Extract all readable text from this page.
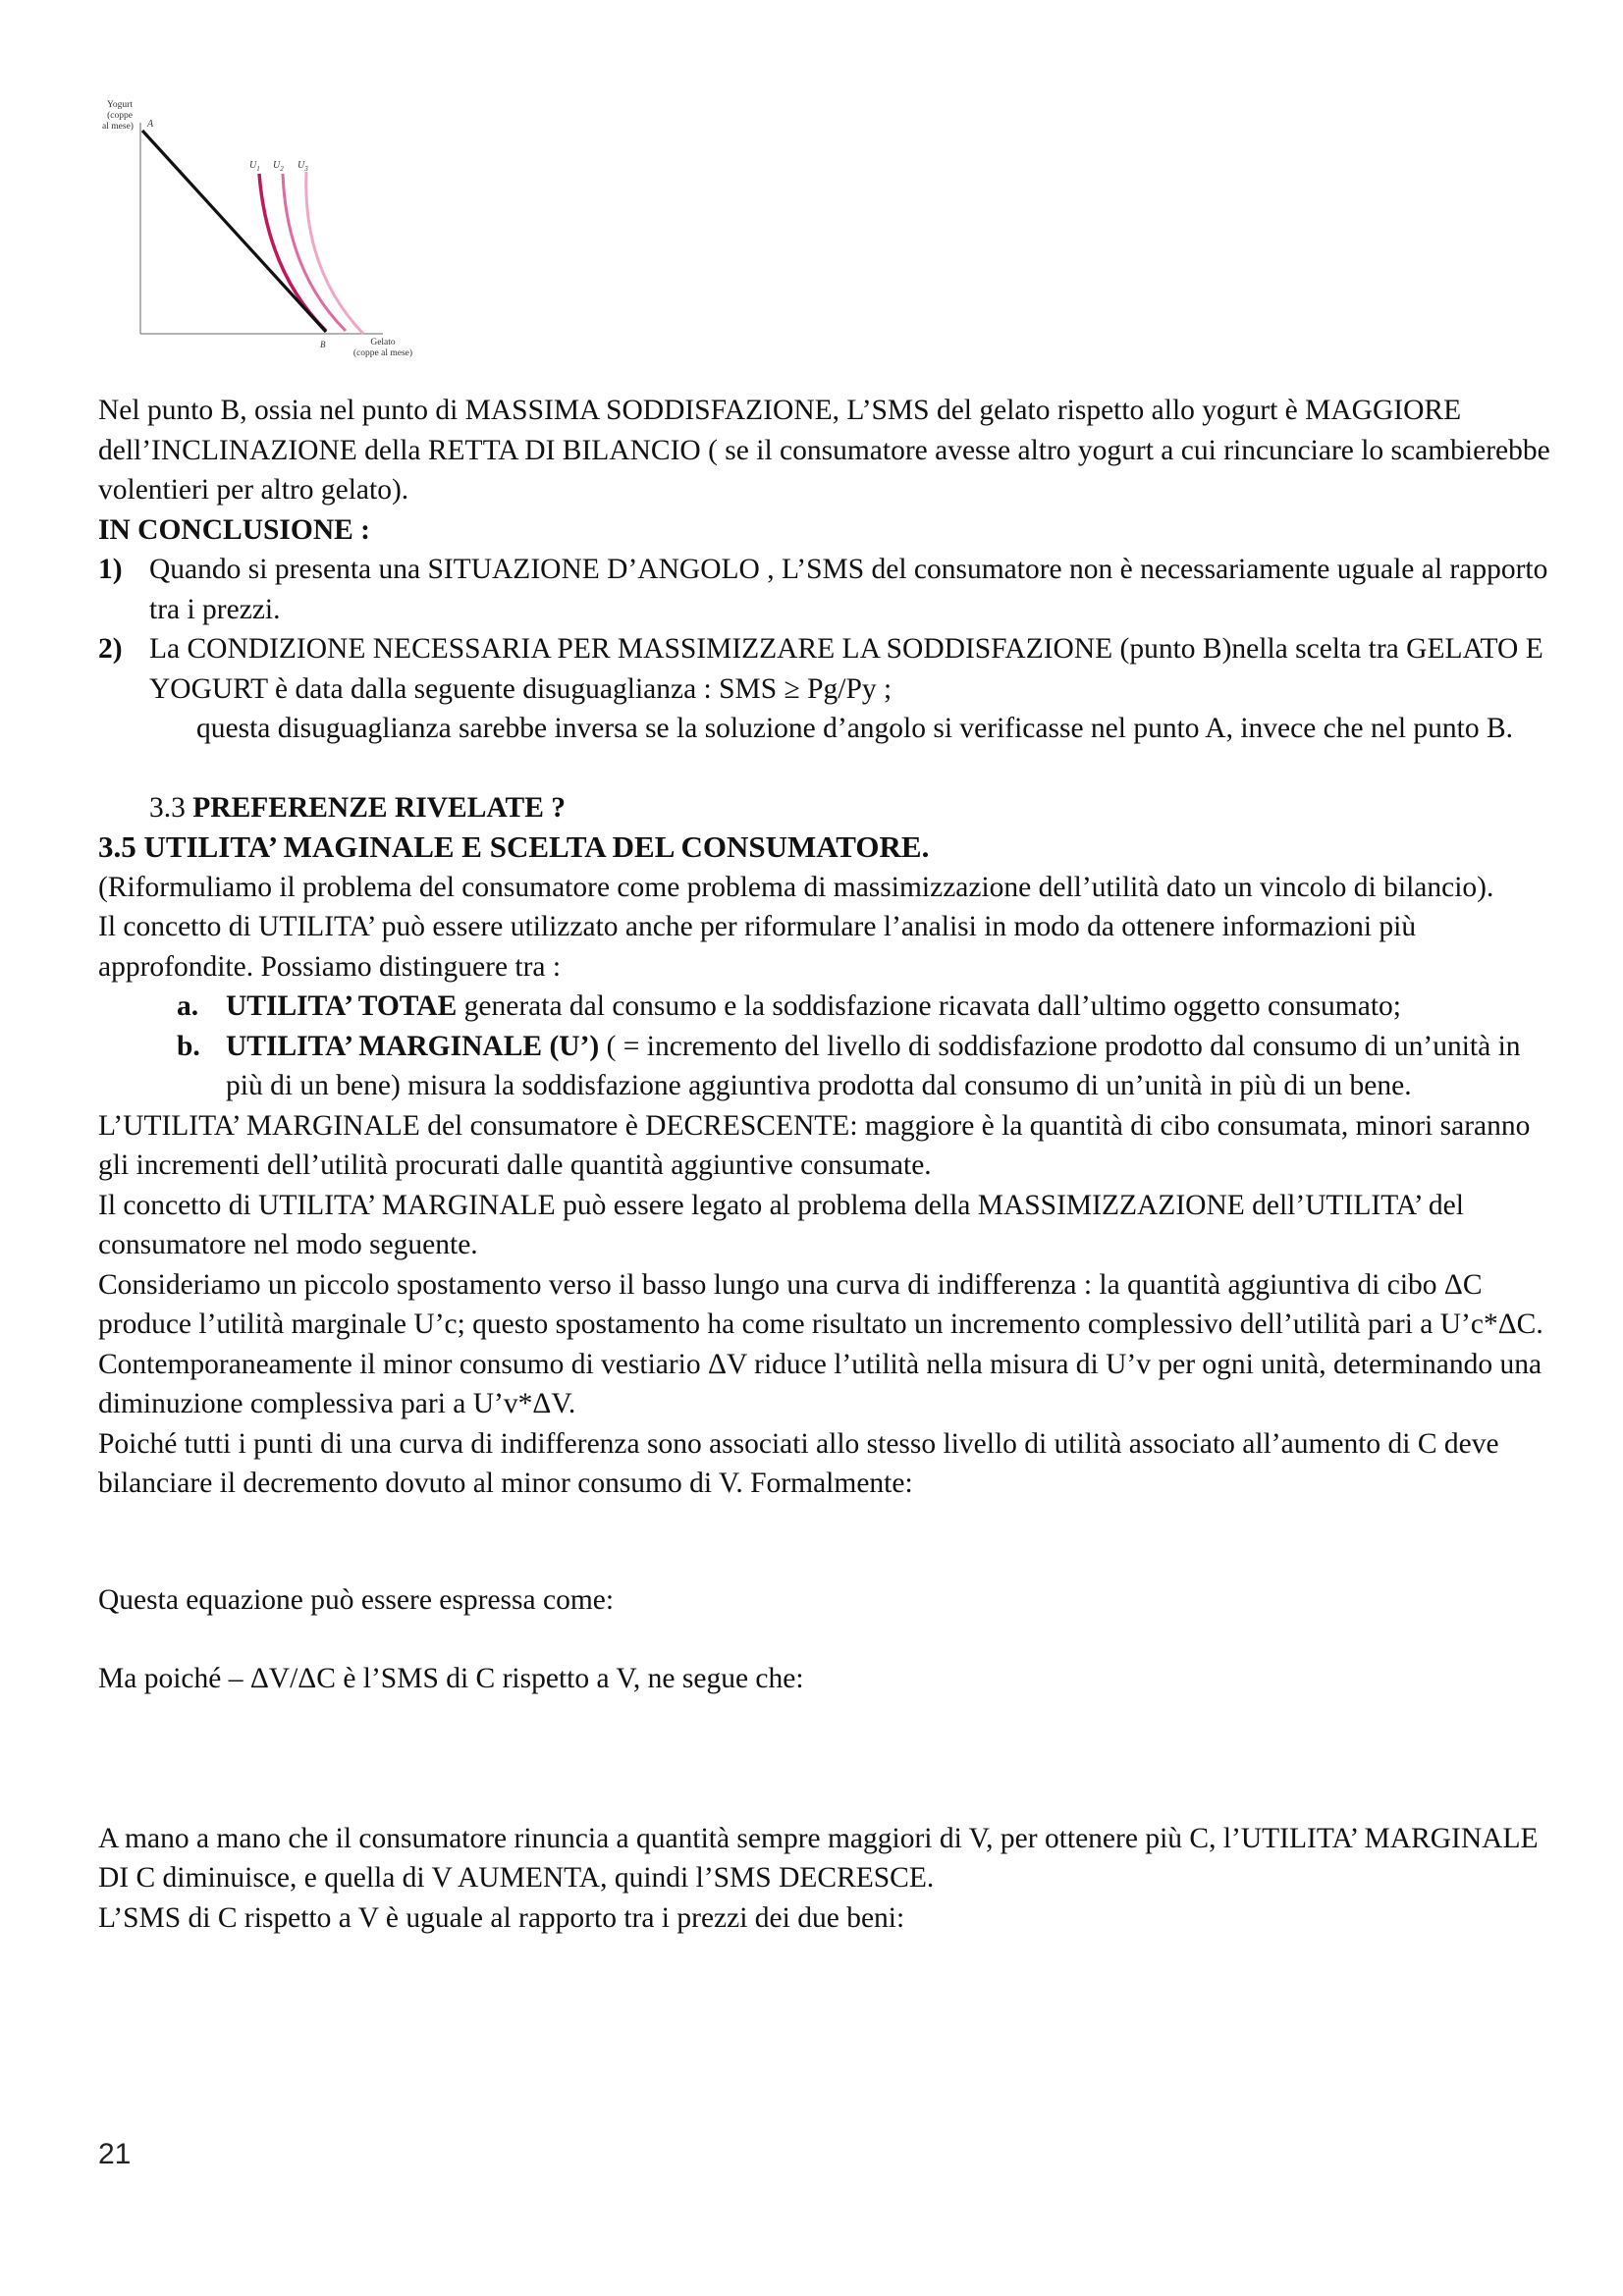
Yogurt
(coppe
al mese) A
$U_1$ $U_2$ $U_3$
B	Gelato
(coppe al mese)

Nel punto B, ossia nel punto di MASSIMA SODDISFAZIONE, L’SMS del gelato rispetto allo yogurt è MAGGIORE dell’INCLINAZIONE della RETTA DI BILANCIO ( se il consumatore avesse altro yogurt a cui rincunciare lo scambierebbe volentieri per altro gelato).

IN CONCLUSIONE :

1) Quando si presenta una SITUAZIONE D’ANGOLO , L’SMS del consumatore non è necessariamente uguale al rapporto tra i prezzi.

2) La CONDIZIONE NECESSARIA PER MASSIMIZZARE LA SODDISFAZIONE (punto B)nella scelta tra GELATO E YOGURT è data dalla seguente disuguaglianza : SMS ≥ Pg/Py ;

questa disuguaglianza sarebbe inversa se la soluzione d’angolo si verificasse nel punto A, invece che nel punto B.

3.3 PREFERENZE RIVELATE ?

3.5 UTILITA’ MAGINALE E SCELTA DEL CONSUMATORE.

(Riformuliamo il problema del consumatore come problema di massimizzazione dell’utilità dato un vincolo di bilancio).

Il concetto di UTILITA’ può essere utilizzato anche per riformulare l’analisi in modo da ottenere informazioni più approfondite. Possiamo distinguere tra :

a. UTILITA’ TOTAE generata dal consumo e la soddisfazione ricavata dall’ultimo oggetto consumato;

b. UTILITA’ MARGINALE (U’) ( = incremento del livello di soddisfazione prodotto dal consumo di un’unità in più di un bene) misura la soddisfazione aggiuntiva prodotta dal consumo di un’unità in più di un bene.

L’UTILITA’ MARGINALE del consumatore è DECRESCENTE: maggiore è la quantità di cibo consumata, minori saranno gli incrementi dell’utilità procurati dalle quantità aggiuntive consumate.

Il concetto di UTILITA’ MARGINALE può essere legato al problema della MASSIMIZZAZIONE dell’UTILITA’ del consumatore nel modo seguente.

Consideriamo un piccolo spostamento verso il basso lungo una curva di indifferenza : la quantità aggiuntiva di cibo ΔC produce l’utilità marginale U’c; questo spostamento ha come risultato un incremento complessivo dell’utilità pari a U’c*ΔC.

Contemporaneamente il minor consumo di vestiario ΔV riduce l’utilità nella misura di U’v per ogni unità, determinando una diminuzione complessiva pari a U’v*ΔV.

Poiché tutti i punti di una curva di indifferenza sono associati allo stesso livello di utilità associato all’aumento di C deve bilanciare il decremento dovuto al minor consumo di V. Formalmente:

Questa equazione può essere espressa come:

Ma poiché – ΔV/ΔC è l’SMS di C rispetto a V, ne segue che:

A mano a mano che il consumatore rinuncia a quantità sempre maggiori di V, per ottenere più C, l’UTILITA’ MARGINALE DI C diminuisce, e quella di V AUMENTA, quindi l’SMS DECRESCE.

L’SMS di C rispetto a V è uguale al rapporto tra i prezzi dei due beni:

21
